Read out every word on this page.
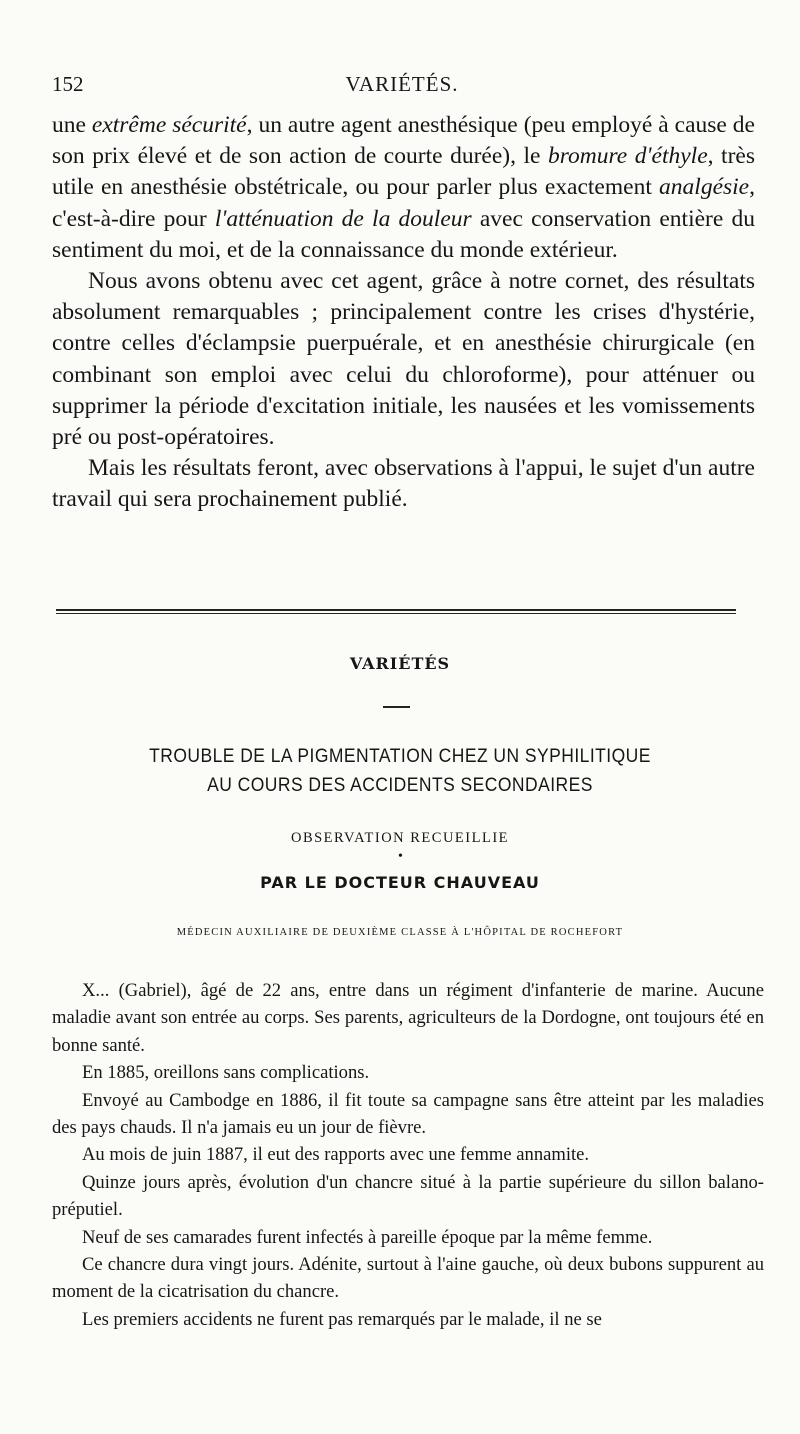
152	VARIÉTÉS.

une extrême sécurité, un autre agent anesthésique (peu employé à cause de son prix élevé et de son action de courte durée), le bromure d'éthyle, très utile en anesthésie obstétricale, ou pour parler plus exactement analgésie, c'est-à-dire pour l'atténuation de la douleur avec conservation entière du sentiment du moi, et de la connaissance du monde extérieur.

Nous avons obtenu avec cet agent, grâce à notre cornet, des résultats absolument remarquables ; principalement contre les crises d'hystérie, contre celles d'éclampsie puerpuérale, et en anesthésie chirurgicale (en combinant son emploi avec celui du chloroforme), pour atténuer ou supprimer la période d'excitation initiale, les nausées et les vomissements pré ou post-opératoires.

Mais les résultats feront, avec observations à l'appui, le sujet d'un autre travail qui sera prochainement publié.

VARIÉTÉS
TROUBLE DE LA PIGMENTATION CHEZ UN SYPHILITIQUE
AU COURS DES ACCIDENTS SECONDAIRES
OBSERVATION RECUEILLIE
•
PAR LE DOCTEUR CHAUVEAU
MÉDECIN AUXILIAIRE DE DEUXIÈME CLASSE À L'HÔPITAL DE ROCHEFORT

X... (Gabriel), âgé de 22 ans, entre dans un régiment d'infanterie de marine. Aucune maladie avant son entrée au corps. Ses parents, agriculteurs de la Dordogne, ont toujours été en bonne santé.

En 1885, oreillons sans complications.

Envoyé au Cambodge en 1886, il fit toute sa campagne sans être atteint par les maladies des pays chauds. Il n'a jamais eu un jour de fièvre.

Au mois de juin 1887, il eut des rapports avec une femme annamite.

Quinze jours après, évolution d'un chancre situé à la partie supérieure du sillon balano-préputiel.

Neuf de ses camarades furent infectés à pareille époque par la même femme.

Ce chancre dura vingt jours. Adénite, surtout à l'aine gauche, où deux bubons suppurent au moment de la cicatrisation du chancre.

Les premiers accidents ne furent pas remarqués par le malade, il ne se
